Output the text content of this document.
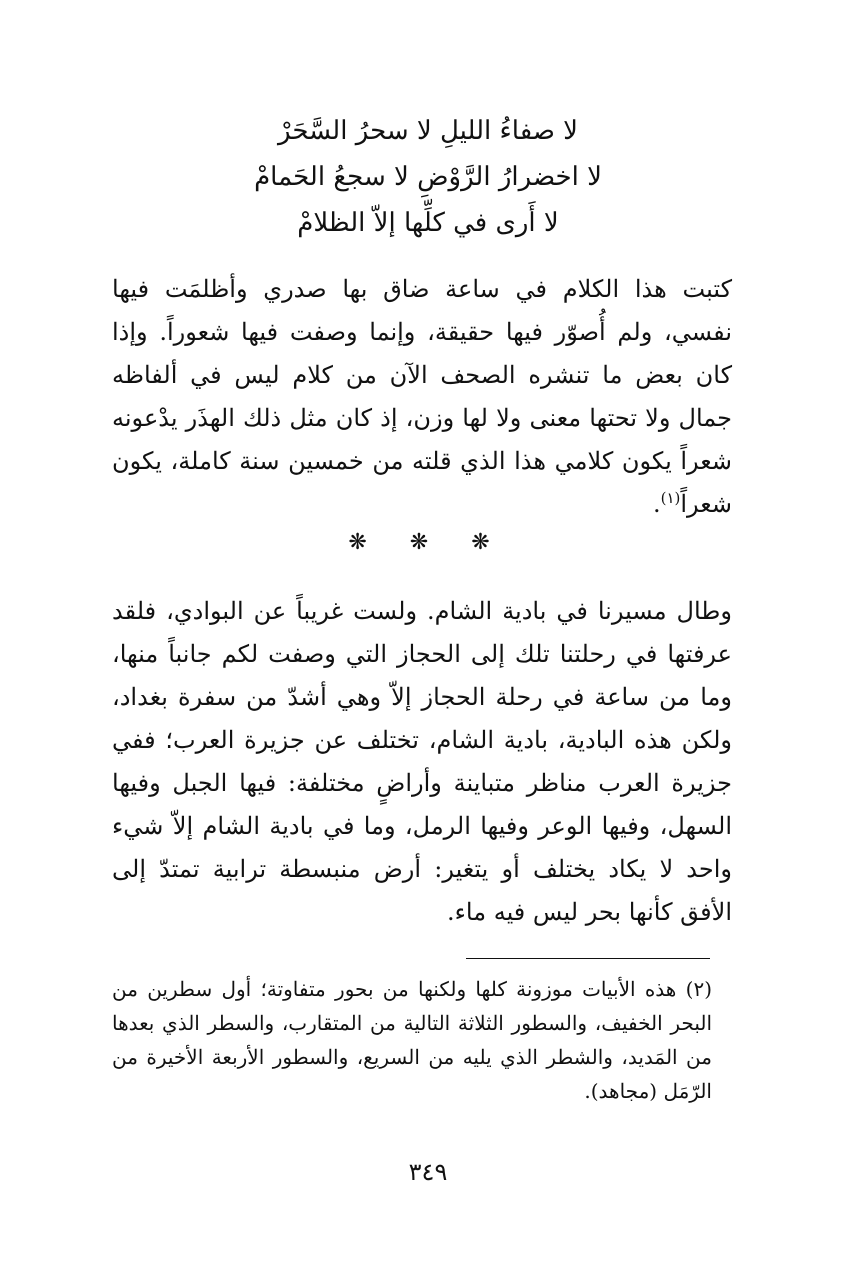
لا صفاءُ الليلِ لا سحرُ السَّحَرْ
لا اخضرارُ الرَّوْضِ لا سجعُ الحَمامْ
لا أَرى في كلِّها إلاّ الظلامْ

كتبت هذا الكلام في ساعة ضاق بها صدري وأظلمَت فيها نفسي، ولم أُصوّر فيها حقيقة، وإنما وصفت فيها شعوراً. وإذا كان بعض ما تنشره الصحف الآن من كلام ليس في ألفاظه جمال ولا تحتها معنى ولا لها وزن، إذ كان مثل ذلك الهذَر يدْعونه شعراً يكون كلامي هذا الذي قلته من خمسين سنة كاملة، يكون شعراً$^{(١)}$.

❋ ❋ ❋

وطال مسيرنا في بادية الشام. ولست غريباً عن البوادي، فلقد عرفتها في رحلتنا تلك إلى الحجاز التي وصفت لكم جانباً منها، وما من ساعة في رحلة الحجاز إلاّ وهي أشدّ من سفرة بغداد، ولكن هذه البادية، بادية الشام، تختلف عن جزيرة العرب؛ ففي جزيرة العرب مناظر متباينة وأراضٍ مختلفة: فيها الجبل وفيها السهل، وفيها الوعر وفيها الرمل، وما في بادية الشام إلاّ شيء واحد لا يكاد يختلف أو يتغير: أرض منبسطة ترابية تمتدّ إلى الأفق كأنها بحر ليس فيه ماء.

(٢) هذه الأبيات موزونة كلها ولكنها من بحور متفاوتة؛ أول سطرين من البحر الخفيف، والسطور الثلاثة التالية من المتقارب، والسطر الذي بعدها من المَديد، والشطر الذي يليه من السريع، والسطور الأربعة الأخيرة من الرّمَل (مجاهد).

٣٤٩
